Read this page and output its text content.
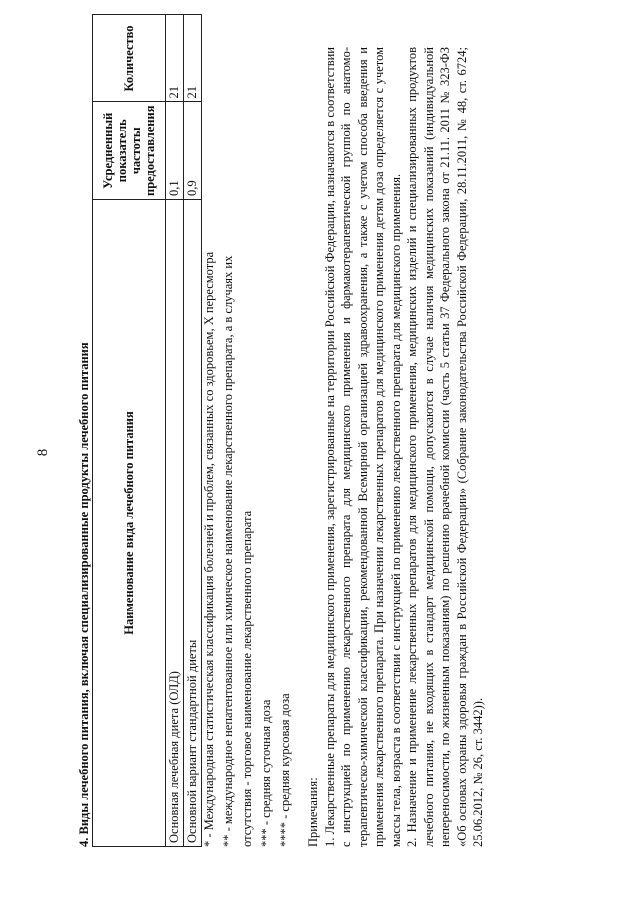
8 4. Виды лечебного питания, включая специализированные продукты лечебного питания Наименование вида лечебного питания	Усредненный показатель частоты предоставления	Количество
Основная лечебная диета (ОЛД)	0,1	21
Основной вариант стандартной диеты	0,9	21
* - Международная статистическая классификация болезней и проблем, связанных со здоровьем, X пересмотра ** - международное непатентованное или химическое наименование лекарственного препарата, а в случаях их отсутствия - торговое наименование лекарственного препарата *** - средняя суточная доза **** - средняя курсовая доза Примечания: 1. Лекарственные препараты для медицинского применения, зарегистрированные на территории Российской Федерации, назначаются в соответствии с инструкцией по применению лекарственного препарата для медицинского применения и фармакотерапевтической группой по анатомо-терапевтическо-химической классификации, рекомендованной Всемирной организацией здравоохранения, а также с учетом способа введения и применения лекарственного препарата. При назначении лекарственных препаратов для медицинского применения детям доза определяется с учетом массы тела, возраста в соответствии с инструкцией по применению лекарственного препарата для медицинского применения. 2. Назначение и применение лекарственных препаратов для медицинского применения, медицинских изделий и специализированных продуктов лечебного питания, не входящих в стандарт медицинской помощи, допускаются в случае наличия медицинских показаний (индивидуальной непереносимости, по жизненным показаниям) по решению врачебной комиссии (часть 5 статьи 37 Федерального закона от 21.11. 2011 № 323-ФЗ «Об основах охраны здоровья граждан в Российской Федерации» (Собрание законодательства Российской Федерации, 28.11.2011, № 48, ст. 6724; 25.06.2012, № 26, ст. 3442)).
